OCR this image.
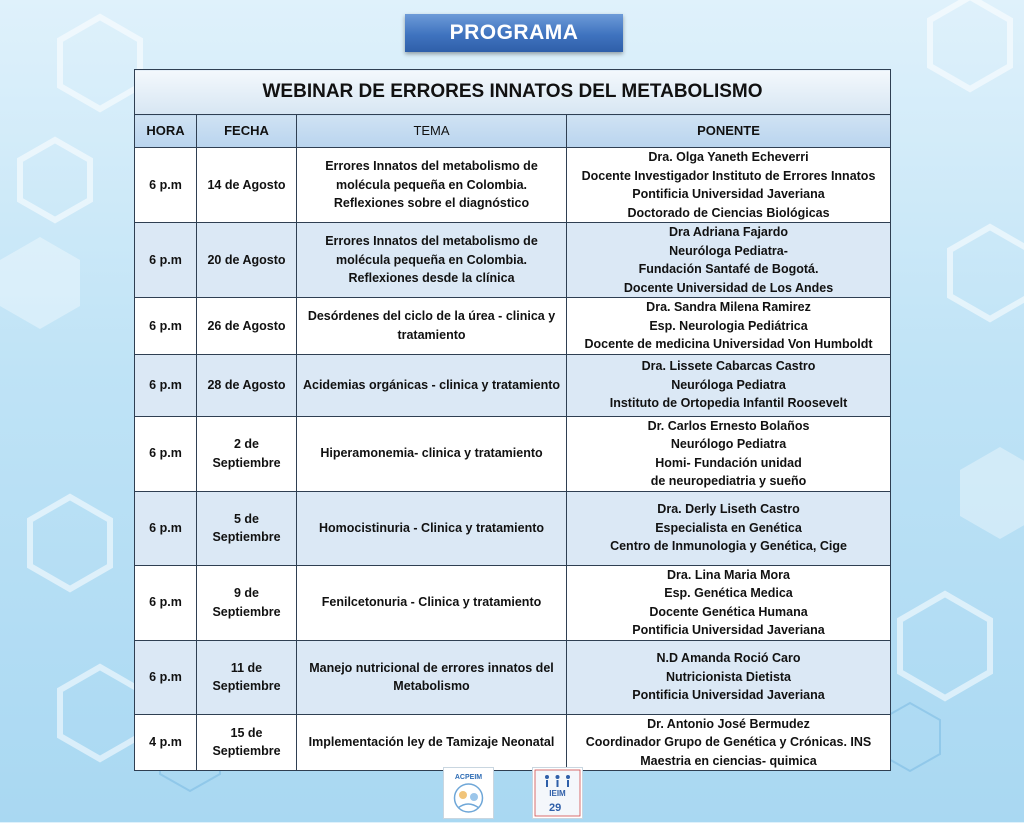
PROGRAMA
WEBINAR DE ERRORES INNATOS DEL METABOLISMO			
HORA	FECHA	TEMA	PONENTE
6 p.m	14 de Agosto	Errores Innatos del metabolismo de molécula pequeña en Colombia. Reflexiones sobre el diagnóstico	Dra. Olga Yaneth Echeverri
Docente Investigador Instituto de Errores Innatos
Pontificia Universidad Javeriana
Doctorado de Ciencias Biológicas

6 p.m	20 de Agosto	Errores Innatos del metabolismo de molécula pequeña en Colombia. Reflexiones desde la clínica	Dra Adriana Fajardo
Neuróloga Pediatra-
Fundación Santafé de Bogotá.
Docente Universidad de Los Andes

6 p.m	26 de Agosto	Desórdenes del ciclo de la úrea - clinica y tratamiento	Dra. Sandra Milena Ramirez
Esp. Neurologia Pediátrica
Docente de medicina Universidad Von Humboldt

6 p.m	28 de Agosto	Acidemias orgánicas - clinica y tratamiento	Dra. Lissete Cabarcas Castro
Neuróloga Pediatra
Instituto de Ortopedia Infantil Roosevelt

6 p.m	2 de Septiembre	Hiperamonemia- clinica y tratamiento	Dr. Carlos Ernesto Bolaños
Neurólogo Pediatra
Homi- Fundación unidad
de neuropediatria y sueño

6 p.m	5 de Septiembre	Homocistinuria - Clinica y tratamiento	Dra. Derly Liseth Castro
Especialista en Genética
Centro de Inmunologia y Genética, Cige

6 p.m	9 de Septiembre	Fenilcetonuria - Clinica y tratamiento	Dra. Lina Maria Mora
Esp. Genética Medica
Docente Genética Humana
Pontificia Universidad Javeriana

6 p.m	11 de Septiembre	Manejo nutricional de errores innatos del Metabolismo	N.D Amanda Roció Caro
Nutricionista Dietista
Pontificia Universidad Javeriana

4 p.m	15 de Septiembre	Implementación ley de Tamizaje Neonatal	Dr. Antonio José Bermudez
Coordinador Grupo de Genética y Crónicas. INS
Maestria en ciencias- quimica
ACPEIM
IEIM
29
